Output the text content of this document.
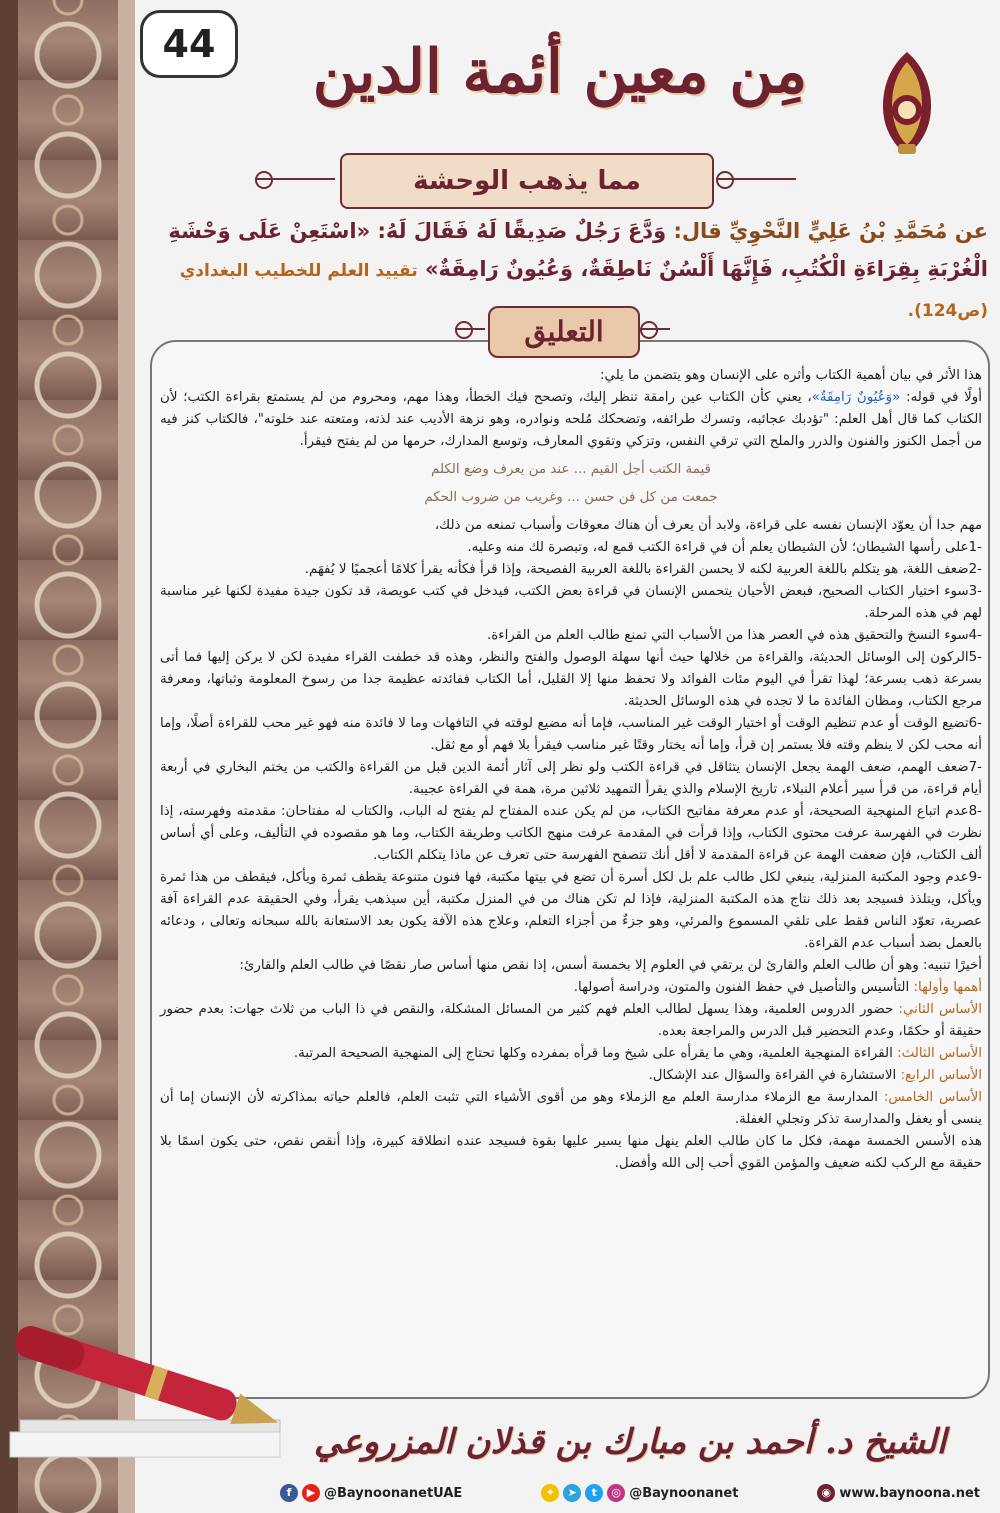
44	مِن معين أئمة الدين
مما يذهب الوحشة
عن مُحَمَّدِ بْنُ عَلِيٍّ النَّحْوِيِّ قال: وَدَّعَ رَجُلٌ صَدِيقًا لَهُ فَقَالَ لَهُ: «اسْتَعِنْ عَلَى وَحْشَةِ الْغُرْبَةِ بِقِرَاءَةِ الْكُتُبِ، فَإِنَّهَا أَلْسُنٌ نَاطِقَةٌ، وَعُيُونٌ رَامِقَةٌ» تقييد العلم للخطيب البغدادي (ص124).
التعليق

هذا الأثر في بيان أهمية الكتاب وأثره على الإنسان وهو يتضمن ما يلي:

أولًا في قوله: «وَعُيُونٌ رَامِقَةٌ»، يعني كأن الكتاب عين رامقة تنظر إليك، وتصحح فيك الخطأ، وهذا مهم، ومحروم من لم يستمتع بقراءة الكتب؛ لأن الكتاب كما قال أهل العلم: "تؤدبك عجائبه، وتسرك طرائفه، وتضحكك مُلحه ونوادره، وهو نزهة الأديب عند لذته، ومتعته عند خلوته"، فالكتاب كنز فيه من أجمل الكنوز والفنون والدرر والملح التي ترقي النفس، وتزكي وتقوي المعارف، وتوسع المدارك، حرمها من لم يفتح فيقرأ.

قيمة الكتب أجل القيم ... عند من يعرف وضع الكلم

جمعت من كل فن حسن ... وغريب من ضروب الحكم

مهم جدا أن يعوّد الإنسان نفسه على قراءة، ولابد أن يعرف أن هناك معوقات وأسباب تمنعه من ذلك،

-1على رأسها الشيطان؛ لأن الشيطان يعلم أن في قراءة الكتب قمع له، وتبصرة لك منه وعليه.

-2ضعف اللغة، هو يتكلم باللغة العربية لكنه لا يحسن القراءة باللغة العربية الفصيحة، وإذا قرأ فكأنه يقرأ كلامًا أعجميًا لا يُفهَم.

-3سوء اختيار الكتاب الصحيح، فبعض الأحيان يتحمس الإنسان في قراءة بعض الكتب، فيدخل في كتب عويصة، قد تكون جيدة مفيدة لكنها غير مناسبة لهم في هذه المرحلة.

-4سوء النسخ والتحقيق هذه في العصر هذا من الأسباب التي تمنع طالب العلم من القراءة.

-5الركون إلى الوسائل الحديثة، والقراءة من خلالها حيث أنها سهلة الوصول والفتح والنظر، وهذه قد خطفت القراء مفيدة لكن لا يركن إليها فما أتى بسرعة ذهب بسرعة؛ لهذا تقرأ في اليوم مئات الفوائد ولا تحفظ منها إلا القليل، أما الكتاب ففائدته عظيمة جدا من رسوخ المعلومة وثباتها، ومعرفة مرجع الكتاب، ومظان الفائدة ما لا تجده في هذه الوسائل الحديثة.

-6تضيع الوقت أو عدم تنظيم الوقت أو اختيار الوقت غير المناسب، فإما أنه مضيع لوقته في التافهات وما لا فائدة منه فهو غير محب للقراءة أصلًا، وإما أنه محب لكن لا ينظم وقته فلا يستمر إن قرأ، وإما أنه يختار وقتًا غير مناسب فيقرأ بلا فهم أو مع ثقل.

-7ضعف الهمم، ضعف الهمة يجعل الإنسان يتثاقل في قراءة الكتب ولو نظر إلى آثار أئمة الدين قبل من القراءة والكتب من يختم البخاري في أربعة أيام قراءة، من قرأ سير أعلام النبلاء، تاريخ الإسلام والذي يقرأ التمهيد ثلاثين مرة، همة في القراءة عجيبة.

-8عدم اتباع المنهجية الصحيحة، أو عدم معرفة مفاتيح الكتاب، من لم يكن عنده المفتاح لم يفتح له الباب، والكتاب له مفتاحان: مقدمته وفهرسته، إذا نظرت في الفهرسة عرفت محتوى الكتاب، وإذا قرأت في المقدمة عرفت منهج الكاتب وطريقة الكتاب، وما هو مقصوده في التأليف، وعلى أي أساس ألف الكتاب، فإن ضعفت الهمة عن قراءة المقدمة لا أقل أنك تتصفح الفهرسة حتى تعرف عن ماذا يتكلم الكتاب.

-9عدم وجود المكتبة المنزلية، ينبغي لكل طالب علم بل لكل أسرة أن تضع في بيتها مكتبة، فها فنون متنوعة يقطف ثمرة ويأكل، فيقطف من هذا ثمرة ويأكل، ويتلذذ فسيجد بعد ذلك نتاج هذه المكتبة المنزلية، فإذا لم تكن هناك من في المنزل مكتبة، أين سيذهب يقرأ، وفي الحقيقة عدم القراءة آفة عصرية، تعوّد الناس فقط على تلقي المسموع والمرئي، وهو جزءٌ من أجزاء التعلم، وعلاج هذه الآفة يكون بعد الاستعانة بالله سبحانه وتعالى ، ودعائه بالعمل بضد أسباب عدم القراءة.

أخيرًا تنبيه: وهو أن طالب العلم والقارئ لن يرتقي في العلوم إلا بخمسة أسس، إذا نقص منها أساس صار نقصًا في طالب العلم والقارئ:

أهمها وأولها: التأسيس والتأصيل في حفظ الفنون والمتون، ودراسة أصولها.

الأساس الثاني: حضور الدروس العلمية، وهذا يسهل لطالب العلم فهم كثير من المسائل المشكلة، والنقص في ذا الباب من ثلاث جهات: بعدم حضور حقيقة أو حكمًا، وعدم التحضير قبل الدرس والمراجعة بعده.

الأساس الثالث: القراءة المنهجية العلمية، وهي ما يقرأه على شيخ وما قرأه بمفرده وكلها تحتاج إلى المنهجية الصحيحة المرتبة.

الأساس الرابع: الاستشارة في القراءة والسؤال عند الإشكال.

الأساس الخامس: المدارسة مع الزملاء مدارسة العلم مع الزملاء وهو من أقوى الأشياء التي تثبت العلم، فالعلم حياته بمذاكرته لأن الإنسان إما أن ينسى أو يغفل والمدارسة تذكر وتجلي الغفلة.

هذه الأسس الخمسة مهمة، فكل ما كان طالب العلم ينهل منها يسير عليها بقوة فسيجد عنده انطلاقة كبيرة، وإذا أنقص نقص، حتى يكون اسمًا بلا حقيقة مع الركب لكنه ضعيف والمؤمن القوي أحب إلى الله وأفضل.

الشيخ د. أحمد بن مبارك بن قذلان المزروعي
f	▶ @BaynoonanetUAE	✦	➤	t	◎ @Baynoonanet	◉ www.baynoona.net
